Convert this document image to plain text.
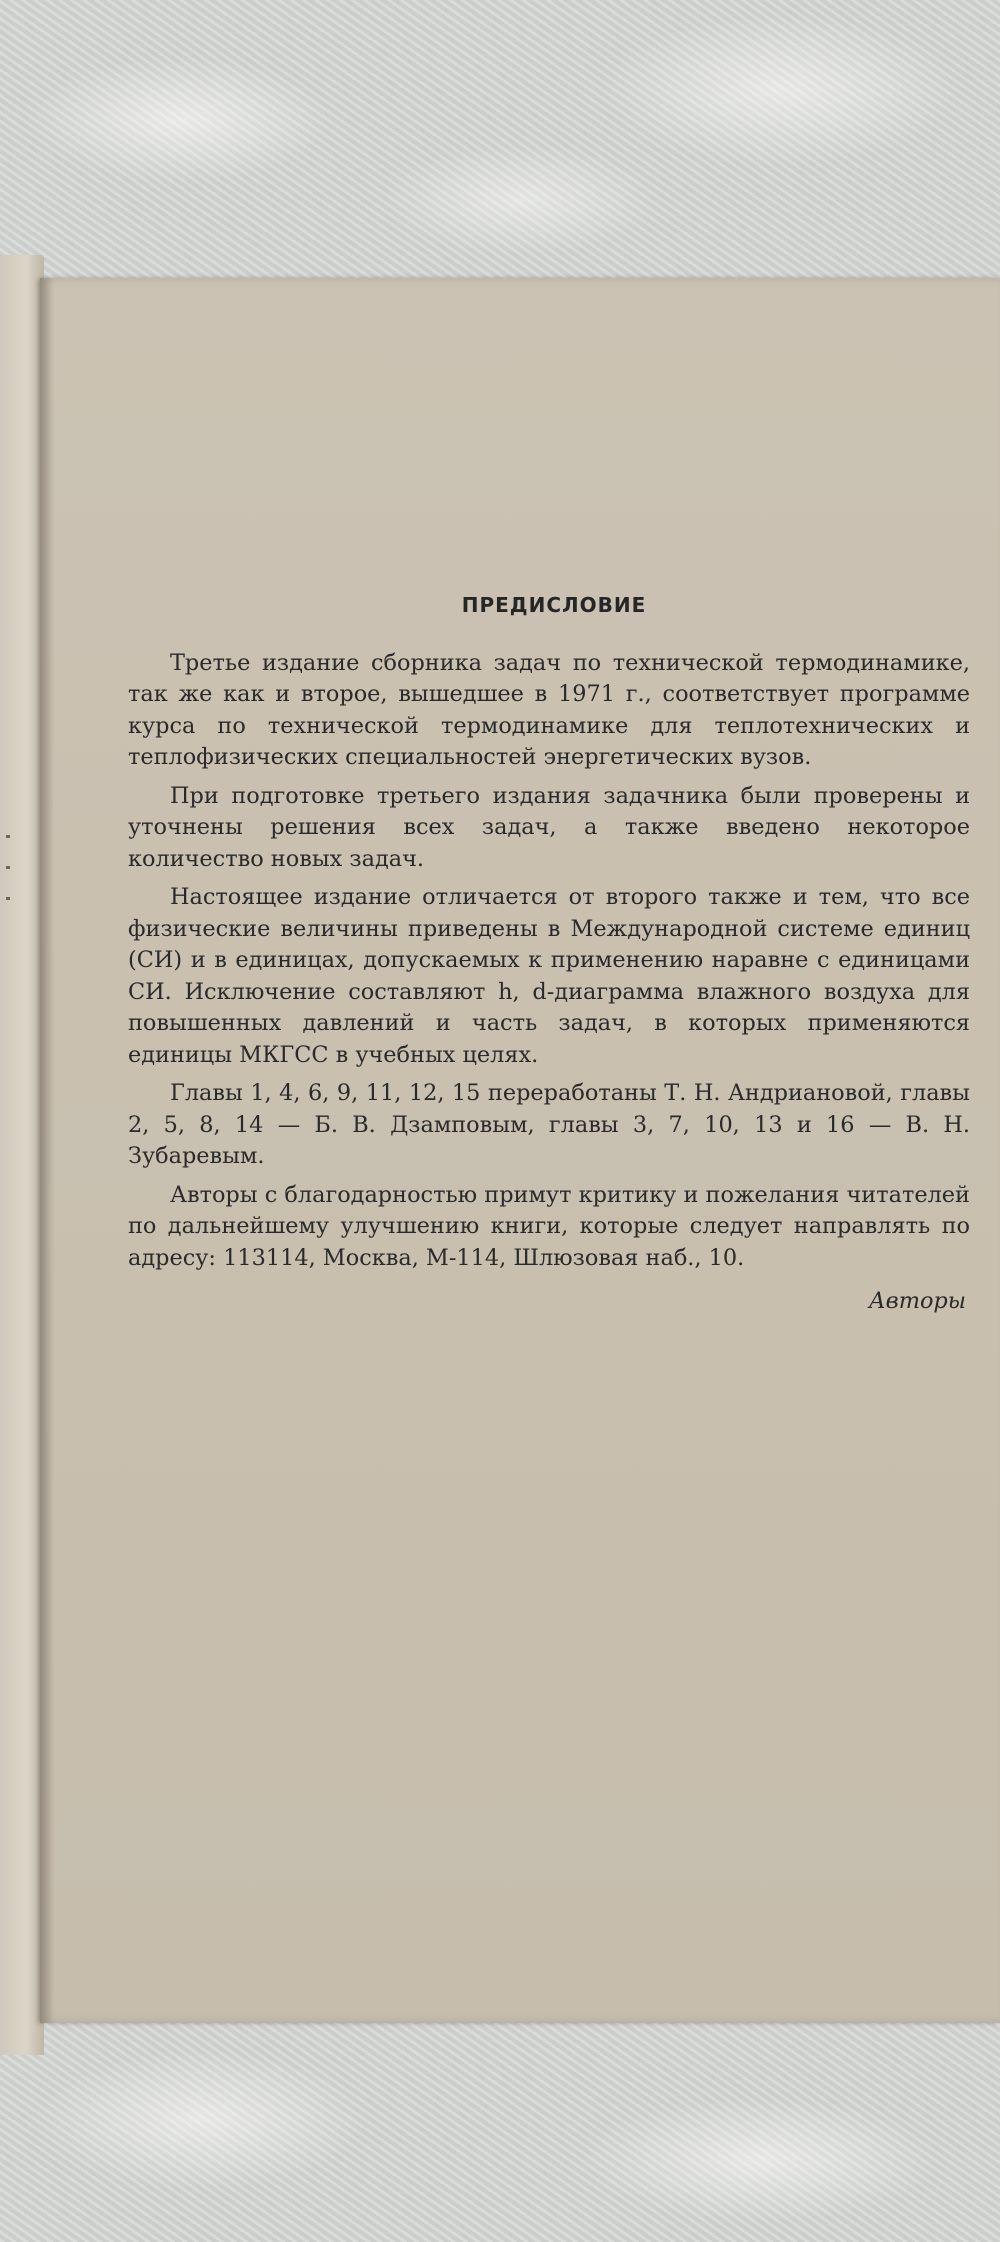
ПРЕДИСЛОВИЕ

Третье издание сборника задач по технической термодинамике, так же как и второе, вышедшее в 1971 г., соответствует программе курса по технической термодинамике для теплотехнических и теплофизических специальностей энергетических вузов.

При подготовке третьего издания задачника были проверены и уточнены решения всех задач, а также введено некоторое количество новых задач.

Настоящее издание отличается от второго также и тем, что все физические величины приведены в Международной системе единиц (СИ) и в единицах, допускаемых к применению наравне с единицами СИ. Исключение составляют h, d-диаграмма влажного воздуха для повышенных давлений и часть задач, в которых применяются единицы МКГСС в учебных целях.

Главы 1, 4, 6, 9, 11, 12, 15 переработаны Т. Н. Андриановой, главы 2, 5, 8, 14 — Б. В. Дзамповым, главы 3, 7, 10, 13 и 16 — В. Н. Зубаревым.

Авторы с благодарностью примут критику и пожелания читателей по дальнейшему улучшению книги, которые следует направлять по адресу: 113114, Москва, М-114, Шлюзовая наб., 10.

Авторы
